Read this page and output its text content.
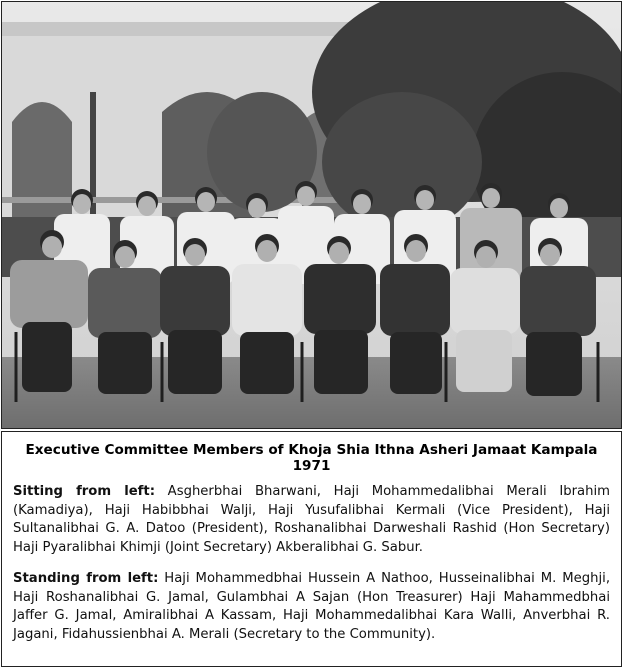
Executive Committee Members of Khoja Shia Ithna Asheri Jamaat Kampala 1971

Sitting from left: Asgherbhai Bharwani, Haji Mohammedalibhai Merali Ibrahim (Kamadiya), Haji Habibbhai Walji, Haji Yusufalibhai Kermali (Vice President), Haji Sultanalibhai G. A. Datoo (President), Roshanalibhai Darweshali Rashid (Hon Secretary) Haji Pyaralibhai Khimji (Joint Secretary) Akberalibhai G. Sabur.

Standing from left: Haji Mohammedbhai Hussein A Nathoo, Husseinalibhai M. Meghji, Haji Roshanalibhai G. Jamal, Gulambhai A Sajan (Hon Treasurer) Haji Mahammedbhai Jaffer G. Jamal, Amiralibhai A Kassam, Haji Mohammedalibhai Kara Walli, Anverbhai R. Jagani, Fidahussienbhai A. Merali (Secretary to the Community).
